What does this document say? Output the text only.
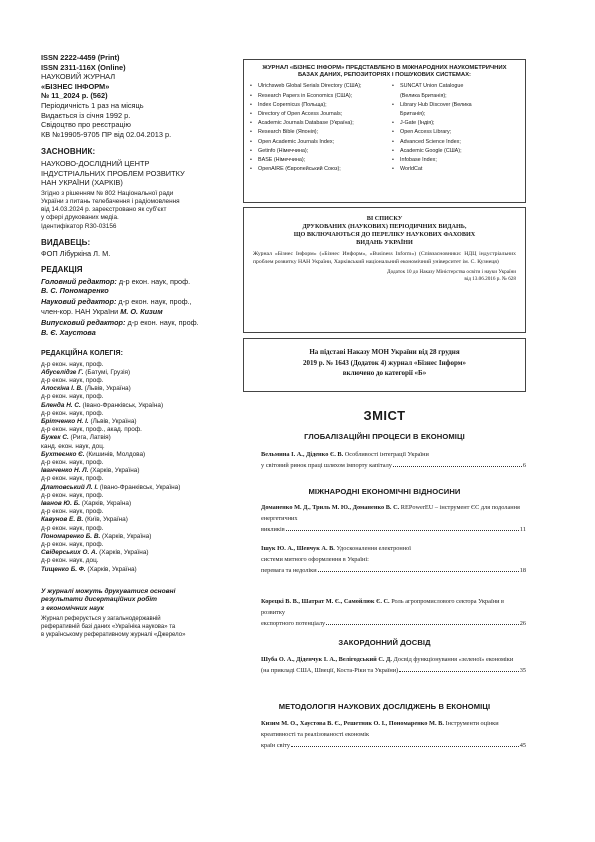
ISSN 2222-4459 (Print)
ISSN 2311-116X (Online)
НАУКОВИЙ ЖУРНАЛ
«БІЗНЕС ІНФОРМ»
№ 11_2024 р. (562)
Періодичність 1 раз на місяць
Видається із січня 1992 р.
Свідоцтво про реєстрацію
КВ №19905-9705 ПР від 02.04.2013 р.
ЗАСНОВНИК:
НАУКОВО-ДОСЛІДНИЙ ЦЕНТР
ІНДУСТРІАЛЬНИХ ПРОБЛЕМ РОЗВИТКУ
НАН УКРАЇНИ (ХАРКІВ)
Згідно з рішенням № 802 Національної ради
України з питань телебачення і радіомовлення
від 14.03.2024 р. зареєстровано як суб'єкт
у сфері друкованих медіа.
Ідентифікатор R30-03156
ВИДАВЕЦЬ:
ФОП Лібуркіна Л. М.
РЕДАКЦІЯ
Головний редактор: д-р екон. наук, проф.
В. С. Пономаренко
Науковий редактор: д-р екон. наук, проф.,
член-кор. НАН України М. О. Кизим
Випусковий редактор: д-р екон. наук, проф.
В. Є. Хаустова
РЕДАКЦІЙНА КОЛЕГІЯ:
д-р екон. наук, проф.
Абуселідзе Г. (Батумі, Грузія)
д-р екон. наук, проф.
Алоскіна І. В. (Львів, Україна)
д-р екон. наук, проф.
Бленда Н. С. (Івано-Франківськ, Україна)
д-р екон. наук, проф.
Брітченко Н. І. (Львів, Україна)
д-р екон. наук, проф., акад. проф.
Бужек С. (Рига, Латвія)
канд. екон. наук, доц.
Бухтеєнко Є. (Кишинів, Молдова)
д-р екон. наук, проф.
Іванченко Н. Л. (Харків, Україна)
д-р екон. наук, проф.
Длатовський Л. І. (Івано-Франківськ, Україна)
д-р екон. наук, проф.
Іванов Ю. Б. (Харків, Україна)
д-р екон. наук, проф.
Кавунов Е. В. (Київ, Україна)
д-р екон. наук, проф.
Пономаренко Б. В. (Харків, Україна)
д-р екон. наук, проф.
Свідерських О. А. (Харків, Україна)
д-р екон. наук, доц.
Тищенко Б. Ф. (Харків, Україна)
У журналі можуть друкуватися основні
результати дисертаційних робіт
з економічних наук
Журнал реферується у загальнодержавній
реферативній базі даних «Україніка наукова» та
в українському реферативному журналі «Джерело»
ЖУРНАЛ «БІЗНЕС ІНФОРМ» ПРЕДСТАВЛЕНО В МІЖНАРОДНИХ НАУКОМЕТРИЧНИХ
БАЗАХ ДАНИХ, РЕПОЗИТОРІЯХ І ПОШУКОВИХ СИСТЕМАХ:
•	Ulrichsweb Global Serials Directory (США);
•	Research Papers in Economics (США);
•	Index Copernicus (Польща);
•	Directory of Open Access Journals;
•	Academic Journals Database (Україна);
•	Research Bible (Японія);
•	Open Academic Journals Index;
•	Getinfo (Німеччина);
•	BASE (Німеччина);
•	OpenAIRE (Європейський Союз);
•	SUNCAT Union Catalogue
(Велика Британія);
•	Library Hub Discover (Велика
Британія);
•	J-Gate (Індія);
•	Open Access Library;
•	Advanced Science Index;
•	Academic Google (США);
•	Infobase Index;
•	WorldCat
ВІ СПИСКУ
ДРУКОВАНИХ (НАУКОВИХ) ПЕРІОДИЧНИХ ВИДАНЬ,
ЩО ВКЛЮЧАЮТЬСЯ ДО ПЕРЕЛІКУ НАУКОВИХ ФАХОВИХ
ВИДАНЬ УКРАЇНИ
Журнал «Бізнес Інформ» («Бізнес Информ», «Business Inform») (Співзасновники: НДЦ індустріальних проблем розвитку НАН України, Харківський національний економічний університет ім. С. Кузнеця)
Додаток 10 до Наказу Міністерства освіти і науки України
від 13.06.2016 р. № 628
На підставі Наказу МОН України від 28 грудня
2019 р. № 1643 (Додаток 4) журнал «Бізнес Інформ»
включено до категорії «Б»
ЗМІСТ
ГЛОБАЛІЗАЦІЙНІ ПРОЦЕСИ В ЕКОНОМІЦІ
Вельмина І. А., Діденко Є. В. Особливості інтеграції України
у світовий ринок праці шляхом імпорту капіталу	6
МІЖНАРОДНІ ЕКОНОМІЧНІ ВІДНОСИНИ
Доманенко М. Д., Триль М. Ю., Доманенко В. С. REPowerEU – інструмент ЄС для подолання енергетичних
викликів	11
Ішук Ю. А., Шевчук А. В. Удосконалення електронної
системи митного оформлення в Україні:
перевага та недоліки	18
Корецкі В. В., Шатрат М. Є., Самойлюк Є. С. Роль агропромислового сектора України в розвитку
експортного потенціалу	26
ЗАКОРДОННИЙ ДОСВІД
Шуба О. А., Діденчук І. А., Велігодський С. Д. Досвід функціонування «зеленої» економіки
(на прикладі США, Швеції, Коста-Ріки та України)	35
МЕТОДОЛОГІЯ НАУКОВИХ ДОСЛІДЖЕНЬ В ЕКОНОМІЦІ
Кизим М. О., Хаустова В. Є., Решетняк О. І., Пономаренко М. В. Інструменти оцінки креативності та реалізованості економік
країн світу	45
